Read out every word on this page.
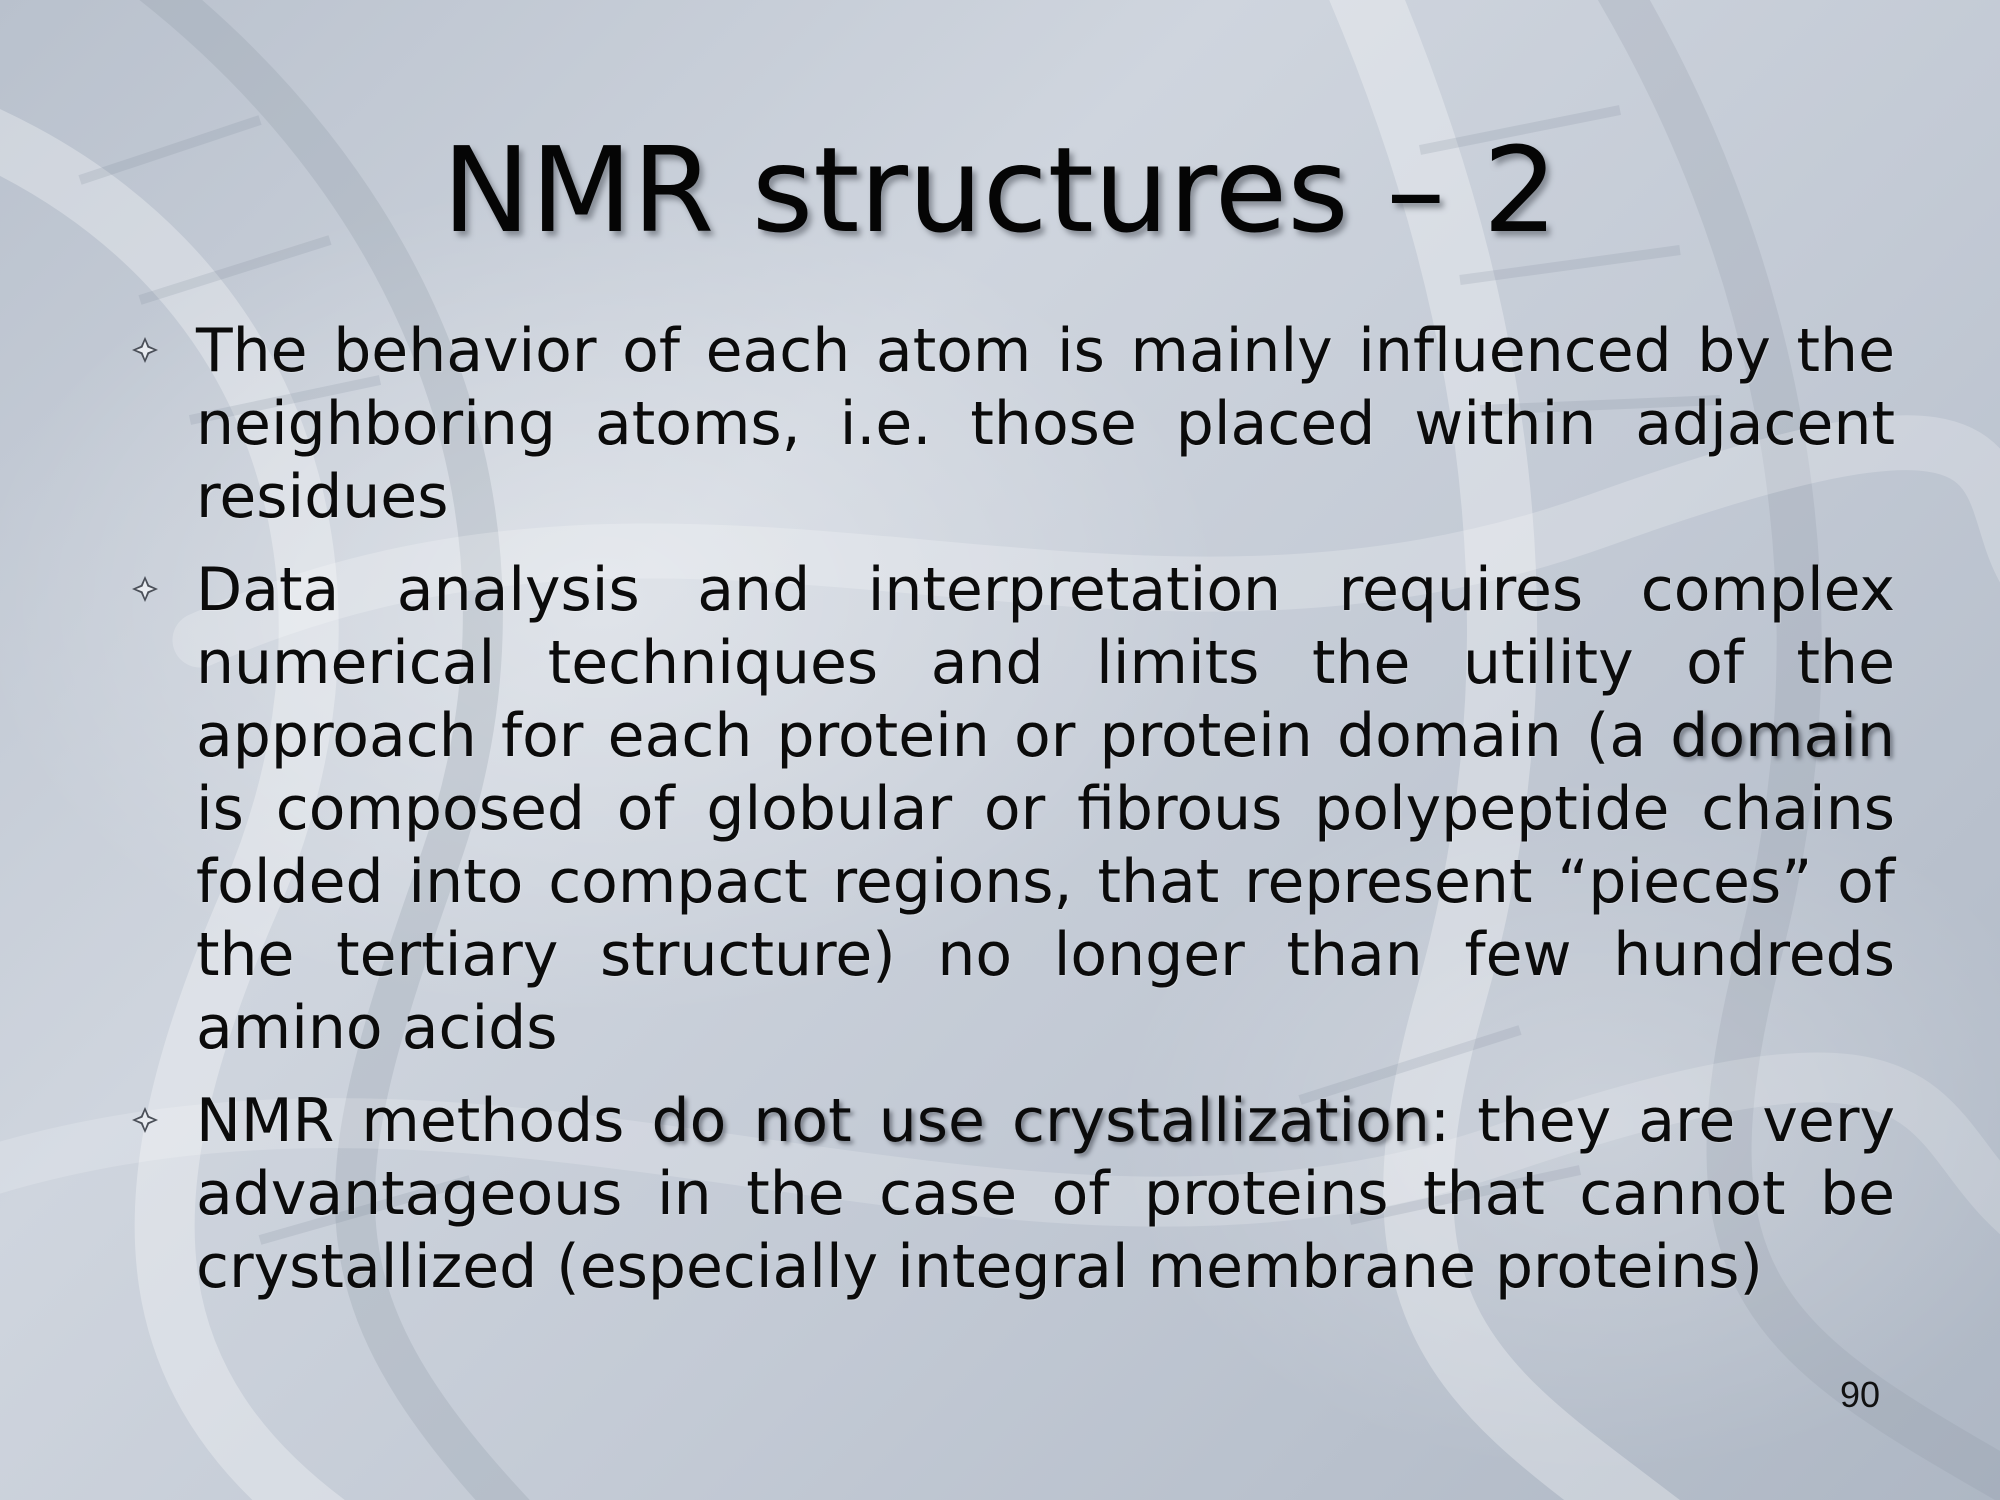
NMR structures – 2
The behavior of each atom is mainly influenced by the neighboring atoms, i.e. those placed within adjacent residues
Data analysis and interpretation requires complex numerical techniques and limits the utility of the approach for each protein or protein domain (a domain is composed of globular or fibrous polypeptide chains folded into compact regions, that represent “pieces” of the tertiary structure) no longer than few hundreds amino acids
NMR methods do not use crystallization: they are very advantageous in the case of proteins that cannot be crystallized (especially integral membrane proteins)
90
